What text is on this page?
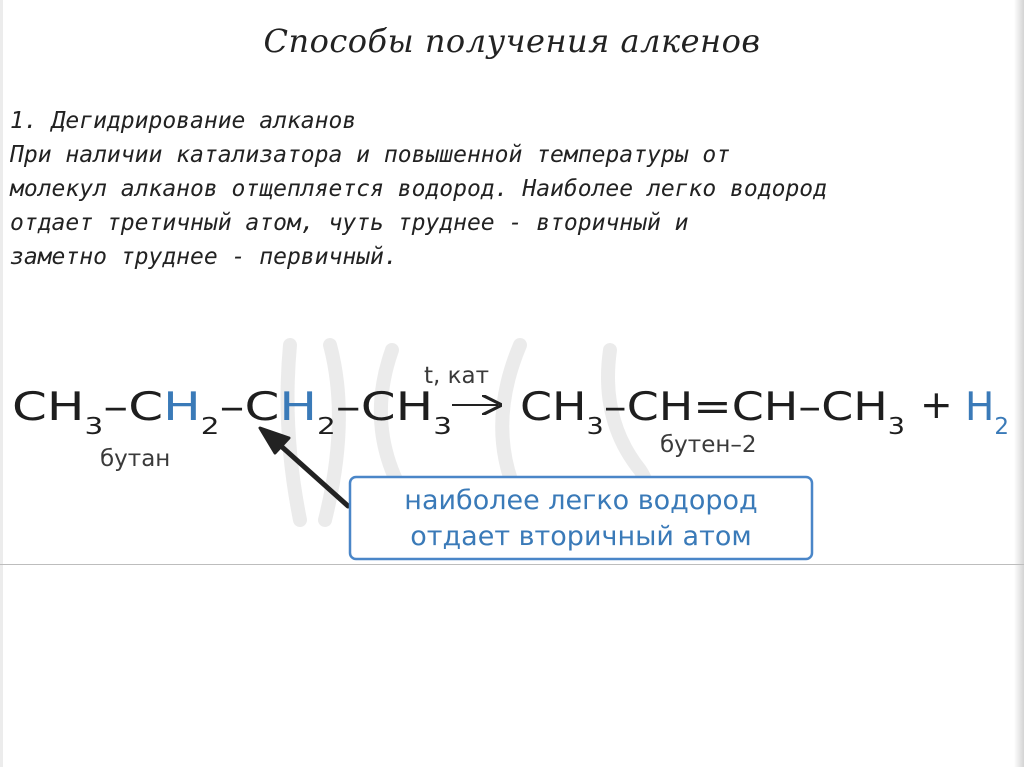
Способы получения алкенов
1. Дегидрирование алканов
При наличии катализатора и повышенной температуры от
молекул алканов отщепляется водород. Наиболее легко водород
отдает третичный атом, чуть труднее - вторичный и
заметно труднее - первичный.
CH $_3$ – C H $_2$ – C H $_2$ – CH $_3$
t, кат
CH $_3$–CH=CH–CH $_3 + H_2$
бутан
бутен–2
наиболее легко водород
отдает вторичный атом
